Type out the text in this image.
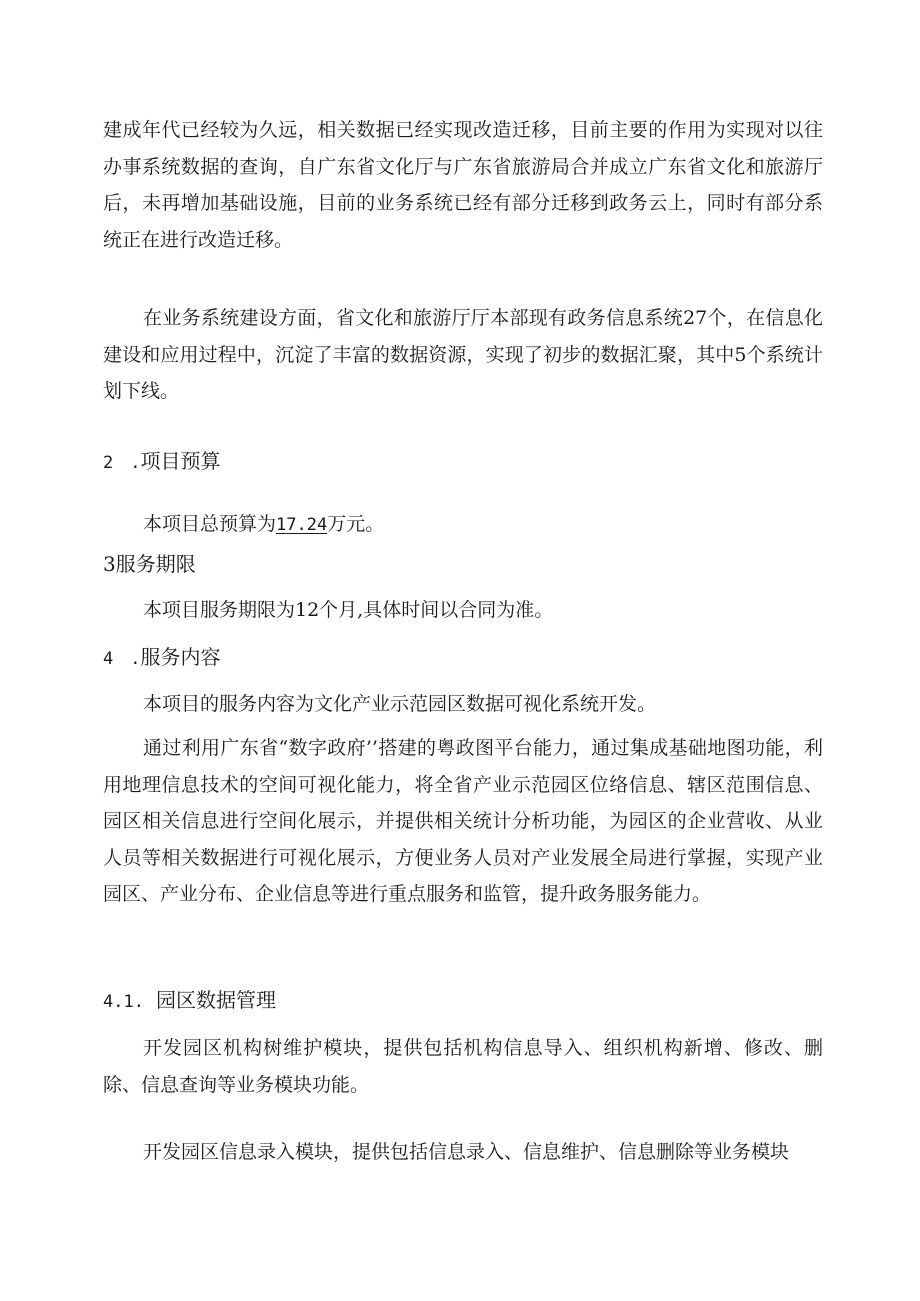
建成年代已经较为久远，相关数据已经实现改造迁移，目前主要的作用为实现对以往办事系统数据的查询，自广东省文化厅与广东省旅游局合并成立广东省文化和旅游厅后，未再增加基础设施，目前的业务系统已经有部分迁移到政务云上，同时有部分系统正在进行改造迁移。

在业务系统建设方面，省文化和旅游厅厅本部现有政务信息系统27个，在信息化建设和应用过程中，沉淀了丰富的数据资源，实现了初步的数据汇聚，其中5个系统计划下线。

2　.项目预算

本项目总预算为17.24万元。

3服务期限

本项目服务期限为12个月,具体时间以合同为准。

4　.服务内容

本项目的服务内容为文化产业示范园区数据可视化系统开发。

通过利用广东省“数字政府’’搭建的粤政图平台能力，通过集成基础地图功能，利用地理信息技术的空间可视化能力，将全省产业示范园区位络信息、辖区范围信息、园区相关信息进行空间化展示，并提供相关统计分析功能，为园区的企业营收、从业人员等相关数据进行可视化展示，方便业务人员对产业发展全局进行掌握，实现产业园区、产业分布、企业信息等进行重点服务和监管，提升政务服务能力。

4.1. 园区数据管理

开发园区机构树维护模块，提供包括机构信息导入、组织机构新增、修改、删除、信息查询等业务模块功能。

开发园区信息录入模块，提供包括信息录入、信息维护、信息删除等业务模块
